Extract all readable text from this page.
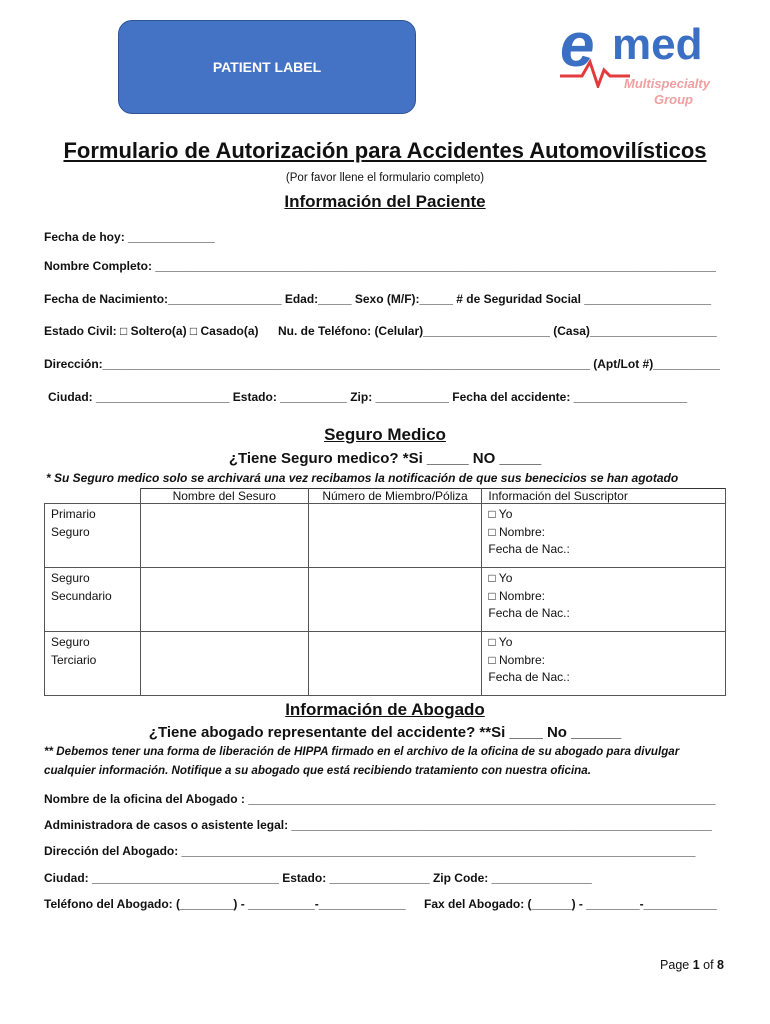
PATIENT LABEL	e med
Multispecialty
Group
Formulario de Autorización para Accidentes Automovilísticos
(Por favor llene el formulario completo)
Información del Paciente
Fecha de hoy: _____________
Nombre Completo: ____________________________________________________________________________________
Fecha de Nacimiento:_________________ Edad:_____ Sexo (M/F):_____ # de Seguridad Social ___________________
Estado Civil: □ Soltero(a) □ Casado(a) Nu. de Teléfono: (Celular)___________________ (Casa)___________________
Dirección:_________________________________________________________________________ (Apt/Lot #)__________
Ciudad: ____________________ Estado: __________ Zip: ___________ Fecha del accidente: _________________
Seguro Medico
¿Tiene Seguro medico? *Si _____ NO _____
* Su Seguro medico solo se archivará una vez recibamos la notificación de que sus benecicios se han agotado
	Nombre del Sesuro	Número de Miembro/Póliza	Información del Suscriptor
Primario
Seguro			□ Yo
□ Nombre:
Fecha de Nac.:
Seguro
Secundario			□ Yo
□ Nombre:
Fecha de Nac.:
Seguro
Terciario			□ Yo
□ Nombre:
Fecha de Nac.:
Información de Abogado
¿Tiene abogado representante del accidente? **Si ____ No ______
** Debemos tener una forma de liberación de HIPPA firmado en el archivo de la oficina de su abogado para divulgar
cualquier información. Notifique a su abogado que está recibiendo tratamiento con nuestra oficina.
Nombre de la oficina del Abogado : ______________________________________________________________________
Administradora de casos o asistente legal: _______________________________________________________________
Dirección del Abogado: _____________________________________________________________________________
Ciudad: ____________________________ Estado: _______________ Zip Code: _______________
Teléfono del Abogado: (________) - __________-_____________ Fax del Abogado: (______) - ________-___________
Page 1 of 8
